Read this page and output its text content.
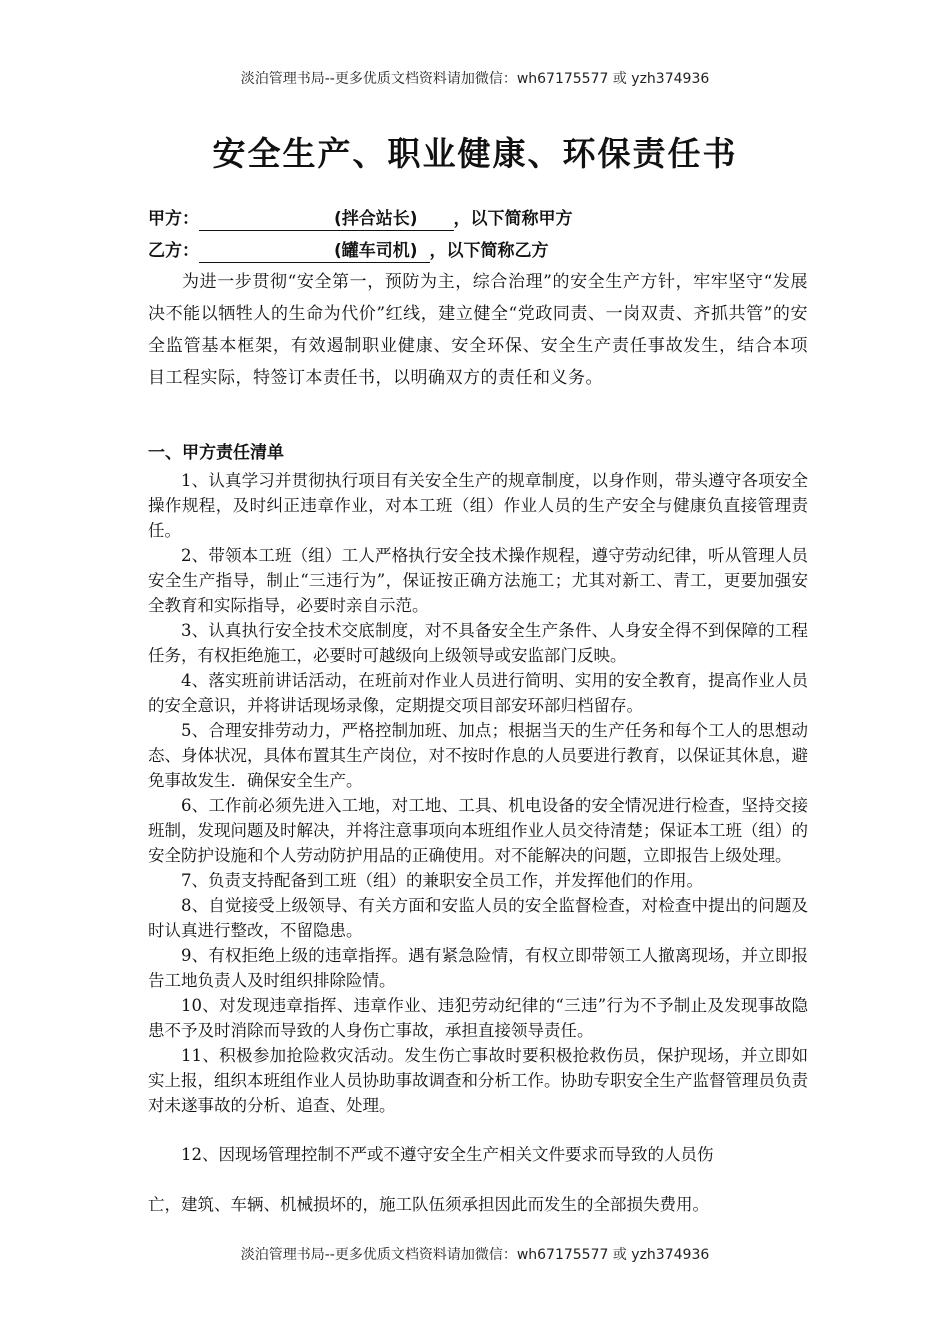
淡泊管理书局--更多优质文档资料请加微信：wh67175577 或 yzh374936
安全生产、职业健康、环保责任书
甲方：	(拌合站长) ，以下简称甲方
乙方：	(罐车司机) ，以下简称乙方

为进一步贯彻“安全第一，预防为主，综合治理”的安全生产方针，牢牢坚守“发展决不能以牺牲人的生命为代价”红线，建立健全“党政同责、一岗双责、齐抓共管”的安全监管基本框架，有效遏制职业健康、安全环保、安全生产责任事故发生，结合本项目工程实际，特签订本责任书，以明确双方的责任和义务。

一、甲方责任清单

1、认真学习并贯彻执行项目有关安全生产的规章制度，以身作则，带头遵守各项安全操作规程，及时纠正违章作业，对本工班（组）作业人员的生产安全与健康负直接管理责任。

2、带领本工班（组）工人严格执行安全技术操作规程，遵守劳动纪律，听从管理人员安全生产指导，制止“三违行为”，保证按正确方法施工；尤其对新工、青工，更要加强安全教育和实际指导，必要时亲自示范。

3、认真执行安全技术交底制度，对不具备安全生产条件、人身安全得不到保障的工程任务，有权拒绝施工，必要时可越级向上级领导或安监部门反映。

4、落实班前讲话活动，在班前对作业人员进行简明、实用的安全教育，提高作业人员的安全意识，并将讲话现场录像，定期提交项目部安环部归档留存。

5、合理安排劳动力，严格控制加班、加点；根据当天的生产任务和每个工人的思想动态、身体状况，具体布置其生产岗位，对不按时作息的人员要进行教育，以保证其休息，避免事故发生．确保安全生产。

6、工作前必须先进入工地，对工地、工具、机电设备的安全情况进行检查，坚持交接班制，发现问题及时解决，并将注意事项向本班组作业人员交待清楚；保证本工班（组）的安全防护设施和个人劳动防护用品的正确使用。对不能解决的问题，立即报告上级处理。

7、负责支持配备到工班（组）的兼职安全员工作，并发挥他们的作用。

8、自觉接受上级领导、有关方面和安监人员的安全监督检查，对检查中提出的问题及时认真进行整改，不留隐患。

9、有权拒绝上级的违章指挥。遇有紧急险情，有权立即带领工人撤离现场，并立即报告工地负责人及时组织排除险情。

10、对发现违章指挥、违章作业、违犯劳动纪律的“三违”行为不予制止及发现事故隐患不予及时消除而导致的人身伤亡事故，承担直接领导责任。

11、积极参加抢险救灾活动。发生伤亡事故时要积极抢救伤员，保护现场，并立即如实上报，组织本班组作业人员协助事故调查和分析工作。协助专职安全生产监督管理员负责对未遂事故的分析、追查、处理。

12、因现场管理控制不严或不遵守安全生产相关文件要求而导致的人员伤

亡，建筑、车辆、机械损坏的，施工队伍须承担因此而发生的全部损失费用。

淡泊管理书局--更多优质文档资料请加微信：wh67175577 或 yzh374936
